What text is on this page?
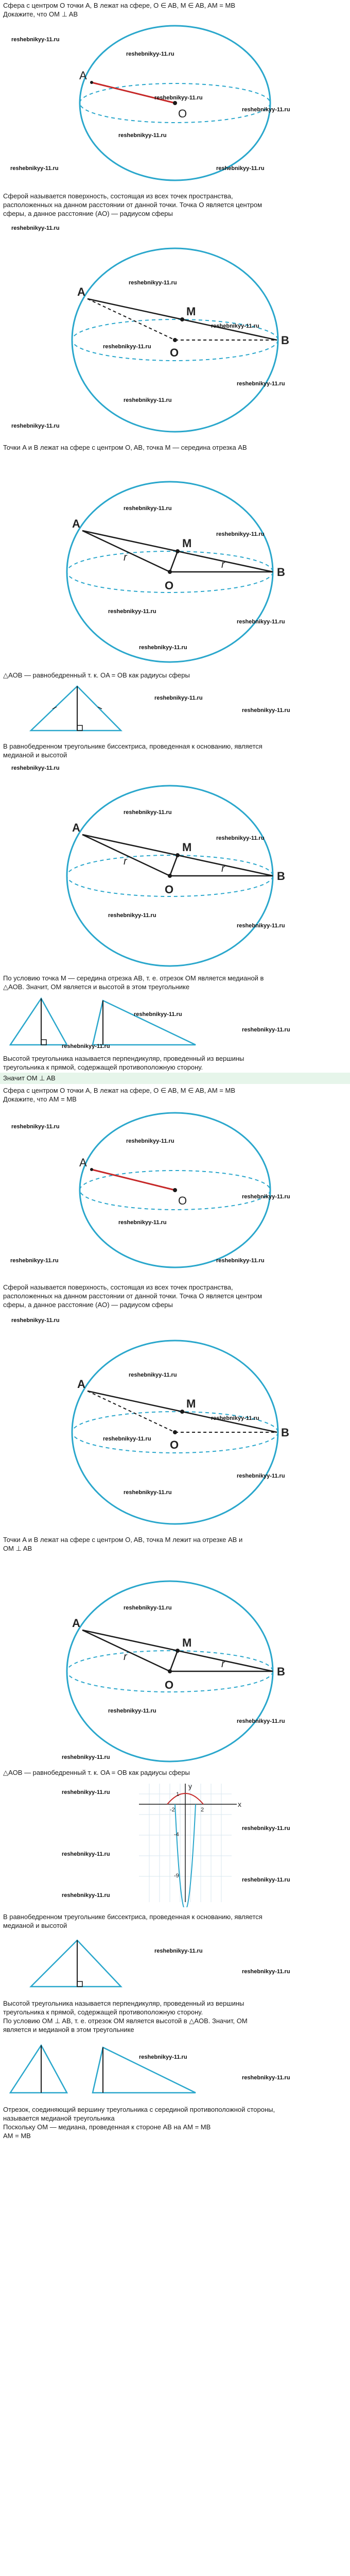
Сфера с центром O точки A, B лежат на сфере, O ∈ AB, M ∈ AB, AM = MB

Докажите, что OM ⊥ AB

A
O
reshebnikyy-11.ru
reshebnikyy-11.ru
reshebnikyy-11.ru
reshebnikyy-11.ru
reshebnikyy-11.ru
reshebnikyy-11.ru	reshebnikyy-11.ru

Сферой называется поверхность, состоящая из всех точек пространства,

расположенных на данном расстоянии от данной точки. Точка O является центром

сферы, а данное расстояние (AO) — радиусом сферы

reshebnikyy-11.ru
A
B
M
O
reshebnikyy-11.ru
reshebnikyy-11.ru
reshebnikyy-11.ru
reshebnikyy-11.ru
reshebnikyy-11.ru
reshebnikyy-11.ru

Точки A и B лежат на сфере с центром O, AB, точка M — середина отрезка AB

A
B
M
O
r
r
reshebnikyy-11.ru
reshebnikyy-11.ru
reshebnikyy-11.ru
reshebnikyy-11.ru
reshebnikyy-11.ru

△AOB — равнобедренный т. к. OA = OB как радиусы сферы

reshebnikyy-11.ru
reshebnikyy-11.ru

В равнобедренном треугольнике биссектриса, проведенная к основанию, является

медианой и высотой

reshebnikyy-11.ru
A
B
M
O
r
r
reshebnikyy-11.ru
reshebnikyy-11.ru
reshebnikyy-11.ru
reshebnikyy-11.ru

По условию точка M — середина отрезка AB, т. е. отрезок OM является медианой в

△AOB. Значит, OM является и высотой в этом треугольнике

reshebnikyy-11.ru
reshebnikyy-11.ru
reshebnikyy-11.ru

Высотой треугольника называется перпендикуляр, проведенный из вершины

треугольника к прямой, содержащей противоположную сторону.

Значит OM ⊥ AB

Сфера с центром O точки A, B лежат на сфере, O ∈ AB, M ∈ AB, AM = MB

Докажите, что AM = MB

A
O
reshebnikyy-11.ru
reshebnikyy-11.ru
reshebnikyy-11.ru
reshebnikyy-11.ru
reshebnikyy-11.ru	reshebnikyy-11.ru

Сферой называется поверхность, состоящая из всех точек пространства,

расположенных на данном расстоянии от данной точки. Точка O является центром

сферы, а данное расстояние (AO) — радиусом сферы

reshebnikyy-11.ru
A
B
M
O
reshebnikyy-11.ru
reshebnikyy-11.ru
reshebnikyy-11.ru
reshebnikyy-11.ru
reshebnikyy-11.ru

Точки A и B лежат на сфере с центром O, AB, точка M лежит на отрезке AB и

OM ⊥ AB

A
B
M
O
r
r
reshebnikyy-11.ru
reshebnikyy-11.ru
reshebnikyy-11.ru
reshebnikyy-11.ru

△AOB — равнобедренный т. к. OA = OB как радиусы сферы

x
y
-2	2
1
-4
-9
reshebnikyy-11.ru
reshebnikyy-11.ru
reshebnikyy-11.ru
reshebnikyy-11.ru
reshebnikyy-11.ru

В равнобедренном треугольнике биссектриса, проведенная к основанию, является

медианой и высотой

reshebnikyy-11.ru
reshebnikyy-11.ru

Высотой треугольника называется перпендикуляр, проведенный из вершины

треугольника к прямой, содержащей противоположную сторону.

По условию OM ⊥ AB, т. е. отрезок OM является высотой в △AOB. Значит, OM

является и медианой в этом треугольнике

reshebnikyy-11.ru
reshebnikyy-11.ru

Отрезок, соединяющий вершину треугольника с серединой противоположной стороны,

называется медианой треугольника

Поскольку OM — медиана, проведенная к стороне AB на AM = MB

AM = MB
